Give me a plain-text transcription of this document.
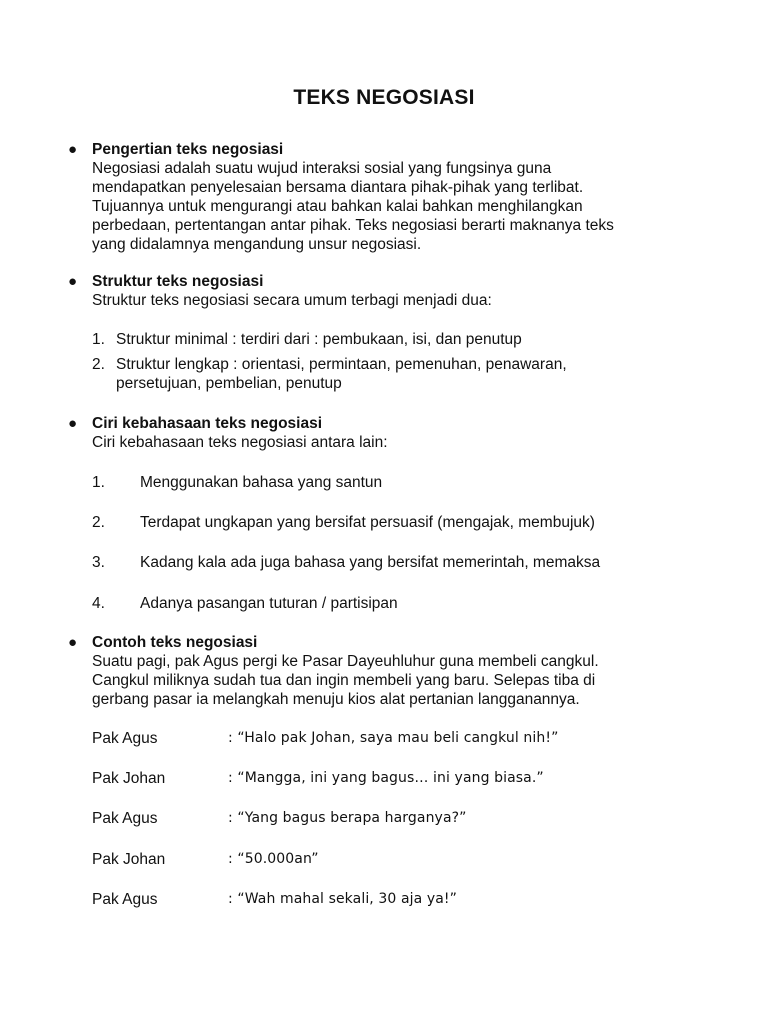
TEKS NEGOSIASI
● Pengertian teks negosiasi

Negosiasi adalah suatu wujud interaksi sosial yang fungsinya guna

mendapatkan penyelesaian bersama diantara pihak-pihak yang terlibat.

Tujuannya untuk mengurangi atau bahkan kalai bahkan menghilangkan

perbedaan, pertentangan antar pihak. Teks negosiasi berarti maknanya teks

yang didalamnya mengandung unsur negosiasi.

● Struktur teks negosiasi

Struktur teks negosiasi secara umum terbagi menjadi dua:

1. Struktur minimal : terdiri dari : pembukaan, isi, dan penutup
2. Struktur lengkap : orientasi, permintaan, pemenuhan, penawaran,
persetujuan, pembelian, penutup
● Ciri kebahasaan teks negosiasi

Ciri kebahasaan teks negosiasi antara lain:

1. Menggunakan bahasa yang santun
2. Terdapat ungkapan yang bersifat persuasif (mengajak, membujuk)
3. Kadang kala ada juga bahasa yang bersifat memerintah, memaksa
4. Adanya pasangan tuturan / partisipan
● Contoh teks negosiasi

Suatu pagi, pak Agus pergi ke Pasar Dayeuhluhur guna membeli cangkul.

Cangkul miliknya sudah tua dan ingin membeli yang baru. Selepas tiba di

gerbang pasar ia melangkah menuju kios alat pertanian langganannya.

Pak Agus	: “Halo pak Johan, saya mau beli cangkul nih!”
Pak Johan	: “Mangga, ini yang bagus… ini yang biasa.”
Pak Agus	: “Yang bagus berapa harganya?”
Pak Johan	: “50.000an”
Pak Agus	: “Wah mahal sekali, 30 aja ya!”
